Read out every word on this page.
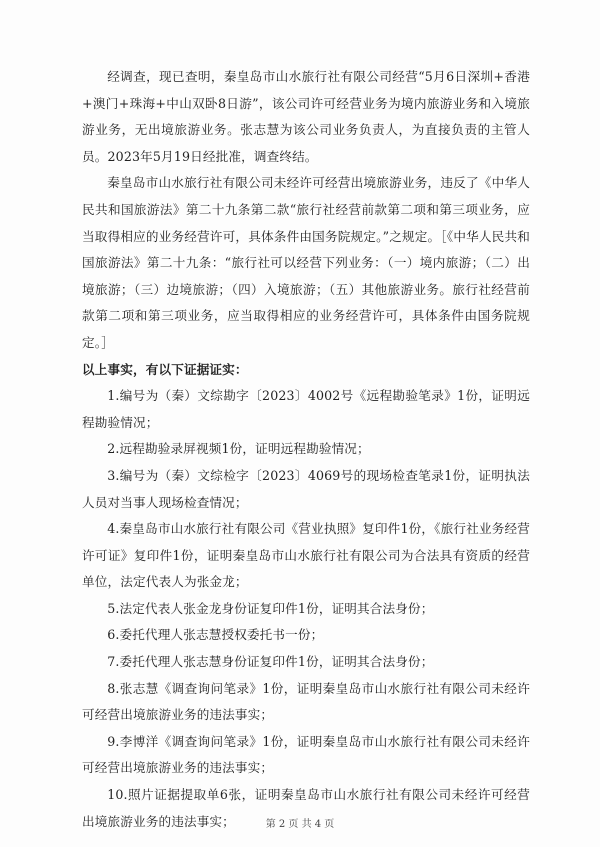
经调查，现已查明，秦皇岛市山水旅行社有限公司经营“5月6日深圳+香港+澳门+珠海+中山双卧8日游”，该公司许可经营业务为境内旅游业务和入境旅游业务，无出境旅游业务。张志慧为该公司业务负责人，为直接负责的主管人员。2023年5月19日经批准，调查终结。

秦皇岛市山水旅行社有限公司未经许可经营出境旅游业务，违反了《中华人民共和国旅游法》第二十九条第二款“旅行社经营前款第二项和第三项业务，应当取得相应的业务经营许可，具体条件由国务院规定。”之规定。［《中华人民共和国旅游法》第二十九条：“旅行社可以经营下列业务：（一）境内旅游；（二）出境旅游；（三）边境旅游；（四）入境旅游；（五）其他旅游业务。旅行社经营前款第二项和第三项业务，应当取得相应的业务经营许可，具体条件由国务院规定。］

以上事实，有以下证据证实：

1.编号为（秦）文综勘字〔2023〕4002号《远程勘验笔录》1份，证明远程勘验情况；

2.远程勘验录屏视频1份，证明远程勘验情况；

3.编号为（秦）文综检字〔2023〕4069号的现场检查笔录1份，证明执法人员对当事人现场检查情况；

4.秦皇岛市山水旅行社有限公司《营业执照》复印件1份，《旅行社业务经营许可证》复印件1份，证明秦皇岛市山水旅行社有限公司为合法具有资质的经营单位，法定代表人为张金龙；

5.法定代表人张金龙身份证复印件1份，证明其合法身份；

6.委托代理人张志慧授权委托书一份；

7.委托代理人张志慧身份证复印件1份，证明其合法身份；

8.张志慧《调查询问笔录》1份，证明秦皇岛市山水旅行社有限公司未经许可经营出境旅游业务的违法事实；

9.李博洋《调查询问笔录》1份，证明秦皇岛市山水旅行社有限公司未经许可经营出境旅游业务的违法事实；

10.照片证据提取单6张，证明秦皇岛市山水旅行社有限公司未经许可经营出境旅游业务的违法事实；	第 2 页 共 4 页
